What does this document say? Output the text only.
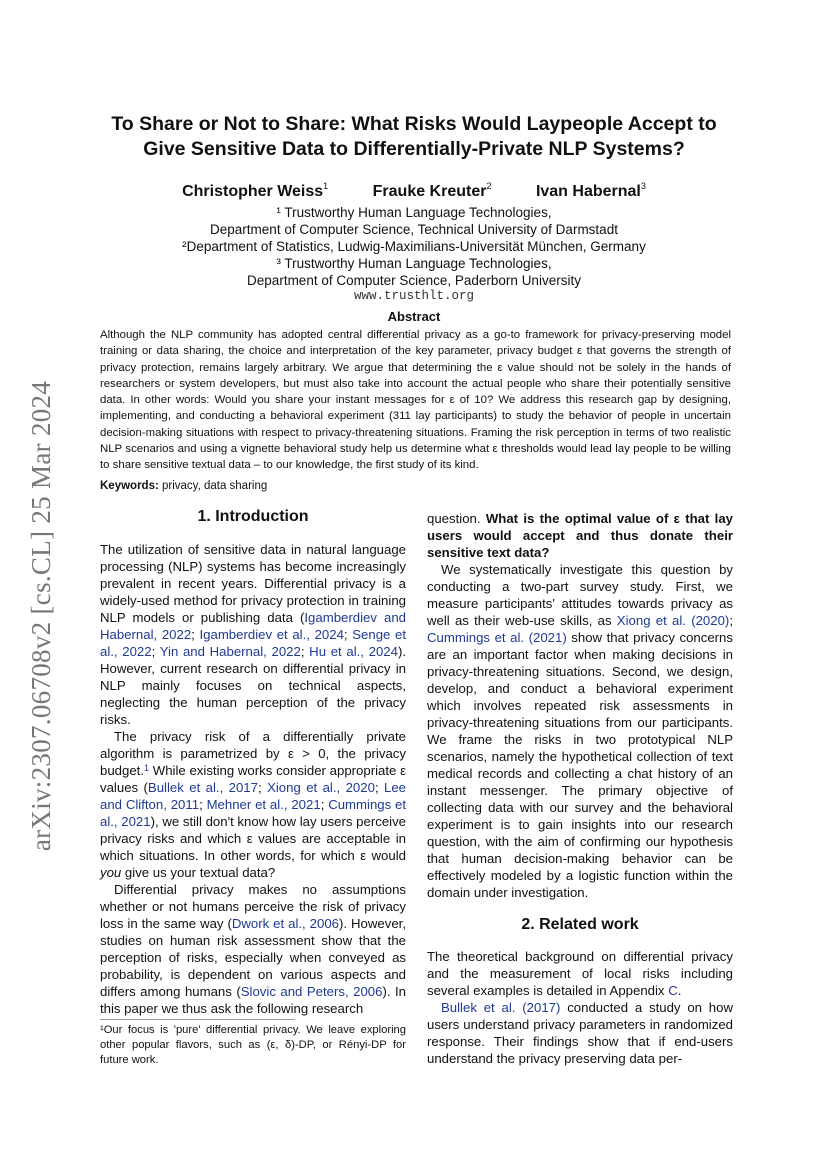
arXiv:2307.06708v2 [cs.CL] 25 Mar 2024
To Share or Not to Share: What Risks Would Laypeople Accept to
Give Sensitive Data to Differentially-Private NLP Systems?
Christopher Weiss$^1$	Frauke Kreuter$^2$	Ivan Habernal$^3$
¹ Trustworthy Human Language Technologies,
Department of Computer Science, Technical University of Darmstadt
²Department of Statistics, Ludwig-Maximilians-Universität München, Germany
³ Trustworthy Human Language Technologies,
Department of Computer Science, Paderborn University
www.trusthlt.org
Abstract
Although the NLP community has adopted central differential privacy as a go-to framework for privacy-preserving model training or data sharing, the choice and interpretation of the key parameter, privacy budget ε that governs the strength of privacy protection, remains largely arbitrary. We argue that determining the ε value should not be solely in the hands of researchers or system developers, but must also take into account the actual people who share their potentially sensitive data. In other words: Would you share your instant messages for ε of 10? We address this research gap by designing, implementing, and conducting a behavioral experiment (311 lay participants) to study the behavior of people in uncertain decision-making situations with respect to privacy-threatening situations. Framing the risk perception in terms of two realistic NLP scenarios and using a vignette behavioral study help us determine what ε thresholds would lead lay people to be willing to share sensitive textual data – to our knowledge, the first study of its kind.
Keywords: privacy, data sharing
1. Introduction

The utilization of sensitive data in natural language processing (NLP) systems has become increasingly prevalent in recent years. Differential privacy is a widely-used method for privacy protection in training NLP models or publishing data (Igamberdiev and Habernal, 2022; Igamberdiev et al., 2024; Senge et al., 2022; Yin and Habernal, 2022; Hu et al., 2024). However, current research on differential privacy in NLP mainly focuses on technical aspects, neglecting the human perception of the privacy risks.

The privacy risk of a differentially private algorithm is parametrized by ε > 0, the privacy budget.$^1$ While existing works consider appropriate ε values (Bullek et al., 2017; Xiong et al., 2020; Lee and Clifton, 2011; Mehner et al., 2021; Cummings et al., 2021), we still don't know how lay users perceive privacy risks and which ε values are acceptable in which situations. In other words, for which ε would you give us your textual data?

Differential privacy makes no assumptions whether or not humans perceive the risk of privacy loss in the same way (Dwork et al., 2006). However, studies on human risk assessment show that the perception of risks, especially when conveyed as probability, is dependent on various aspects and differs among humans (Slovic and Peters, 2006). In this paper we thus ask the following research

¹Our focus is 'pure' differential privacy. We leave exploring other popular flavors, such as (ε, δ)-DP, or Rényi-DP for future work.

question. What is the optimal value of ε that lay users would accept and thus donate their sensitive text data?

We systematically investigate this question by conducting a two-part survey study. First, we measure participants' attitudes towards privacy as well as their web-use skills, as Xiong et al. (2020); Cummings et al. (2021) show that privacy concerns are an important factor when making decisions in privacy-threatening situations. Second, we design, develop, and conduct a behavioral experiment which involves repeated risk assessments in privacy-threatening situations from our participants. We frame the risks in two prototypical NLP scenarios, namely the hypothetical collection of text medical records and collecting a chat history of an instant messenger. The primary objective of collecting data with our survey and the behavioral experiment is to gain insights into our research question, with the aim of confirming our hypothesis that human decision-making behavior can be effectively modeled by a logistic function within the domain under investigation.

2. Related work

The theoretical background on differential privacy and the measurement of local risks including several examples is detailed in Appendix C.

Bullek et al. (2017) conducted a study on how users understand privacy parameters in randomized response. Their findings show that if end-users understand the privacy preserving data per-
